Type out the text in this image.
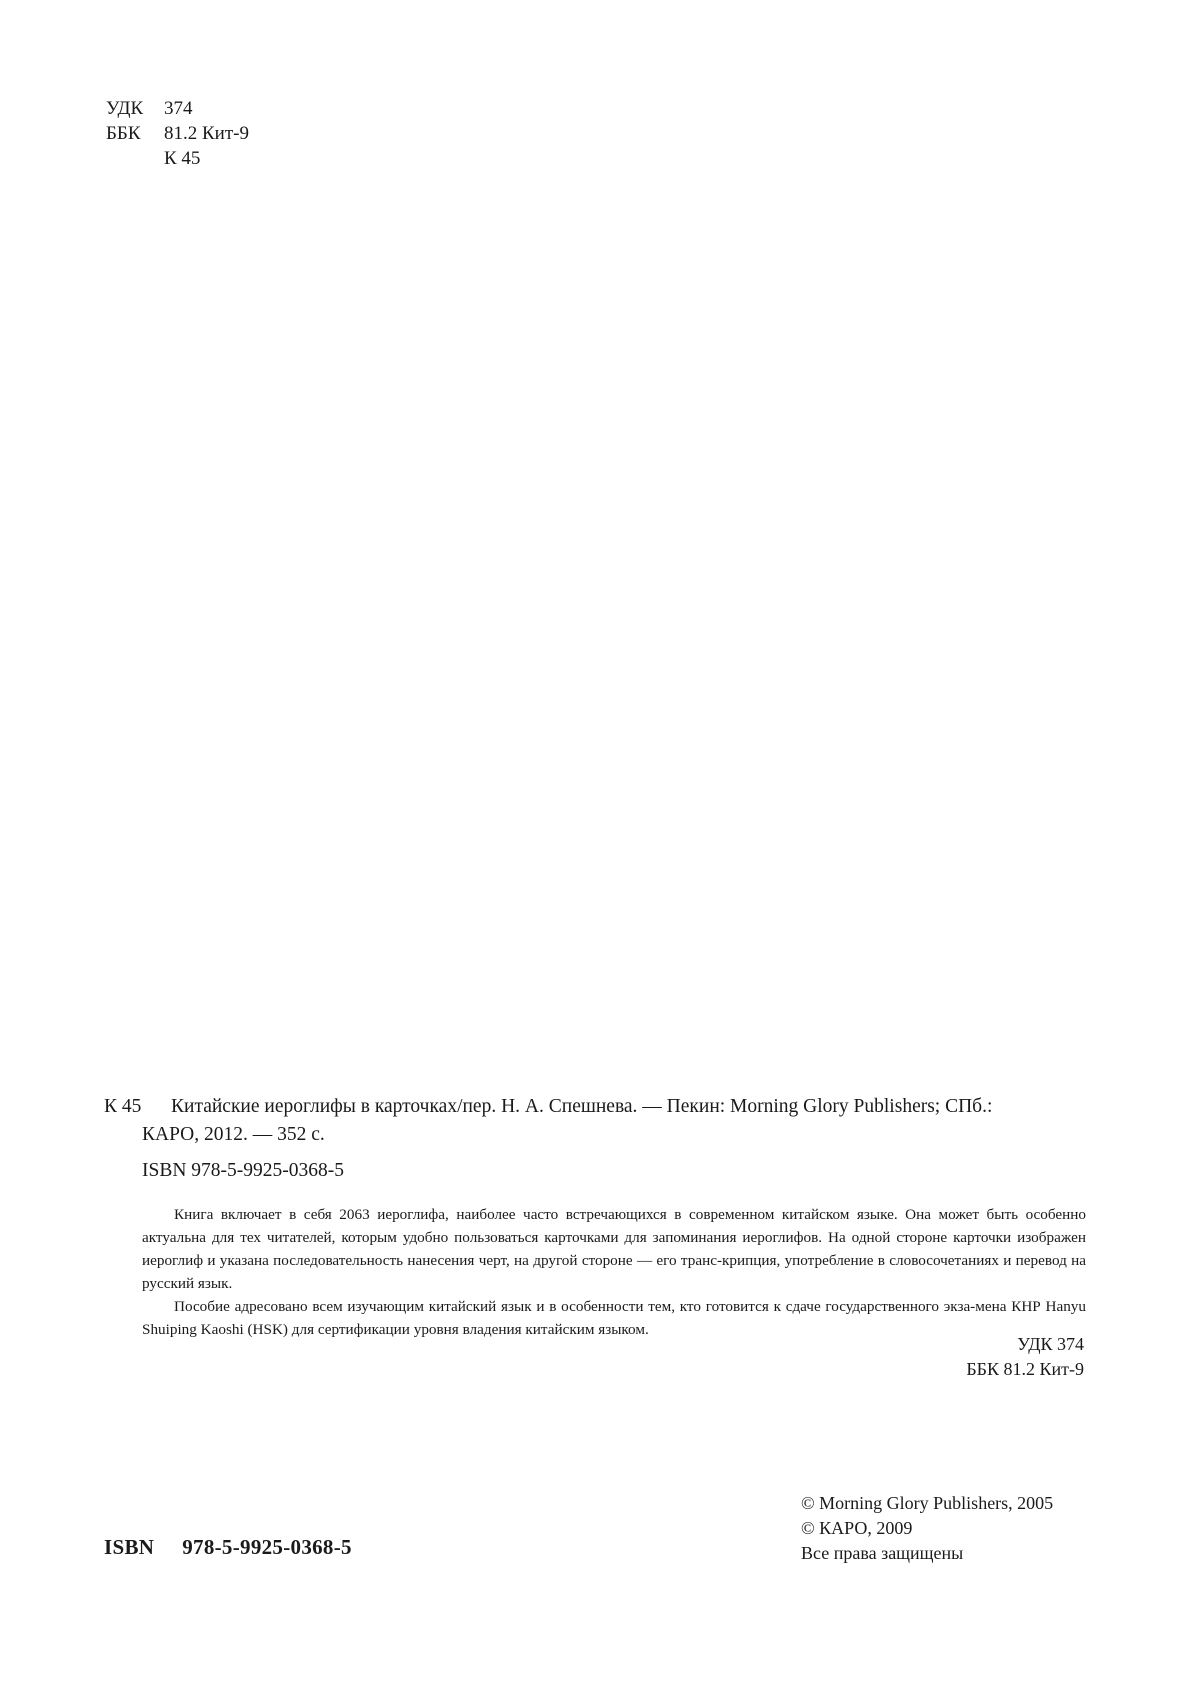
УДК	374
ББК	81.2 Кит-9
К 45
К 45	Китайские иероглифы в карточках/пер. Н. А. Спешнева. — Пекин: Morning Glory Publishers; СПб.:
КАРО, 2012. — 352 с.
ISBN 978-5-9925-0368-5

Книга включает в себя 2063 иероглифа, наиболее часто встречающихся в современном китайском языке. Она может быть особенно актуальна для тех читателей, которым удобно пользоваться карточками для запоминания иероглифов. На одной стороне карточки изображен иероглиф и указана последовательность нанесения черт, на другой стороне — его транс-крипция, употребление в словосочетаниях и перевод на русский язык.

Пособие адресовано всем изучающим китайский язык и в особенности тем, кто готовится к сдаче государственного экза-мена КНР Hanyu Shuiping Kaoshi (HSK) для сертификации уровня владения китайским языком.

УДК 374
ББК 81.2 Кит-9
© Morning Glory Publishers, 2005
© КАРО, 2009
Все права защищены
ISBN 978-5-9925-0368-5
